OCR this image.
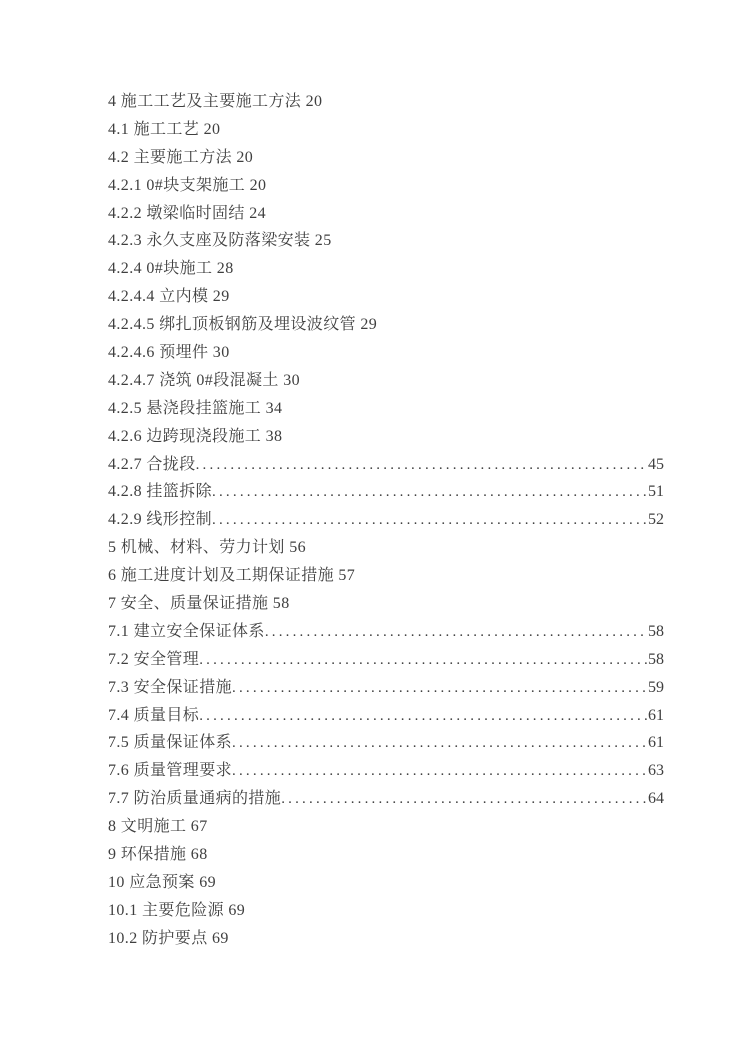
4 施工工艺及主要施工方法 20
4.1 施工工艺 20
4.2 主要施工方法 20
4.2.1 0#块支架施工 20
4.2.2 墩梁临时固结 24
4.2.3 永久支座及防落梁安装 25
4.2.4 0#块施工 28
4.2.4.4 立内模 29
4.2.4.5 绑扎顶板钢筋及埋设波纹管 29
4.2.4.6 预埋件 30
4.2.4.7 浇筑 0#段混凝土 30
4.2.5 悬浇段挂篮施工 34
4.2.6 边跨现浇段施工 38
4.2.7 合拢段 .....	45
4.2.8 挂篮拆除 .....	51
4.2.9 线形控制 .....	52
5 机械、材料、劳力计划 56
6 施工进度计划及工期保证措施 57
7 安全、质量保证措施 58
7.1 建立安全保证体系 .....	58
7.2 安全管理 .....	58
7.3 安全保证措施 .....	59
7.4 质量目标 .....	61
7.5 质量保证体系 .....	61
7.6 质量管理要求 .....	63
7.7 防治质量通病的措施 .....	64
8 文明施工 67
9 环保措施 68
10 应急预案 69
10.1 主要危险源 69
10.2 防护要点 69
